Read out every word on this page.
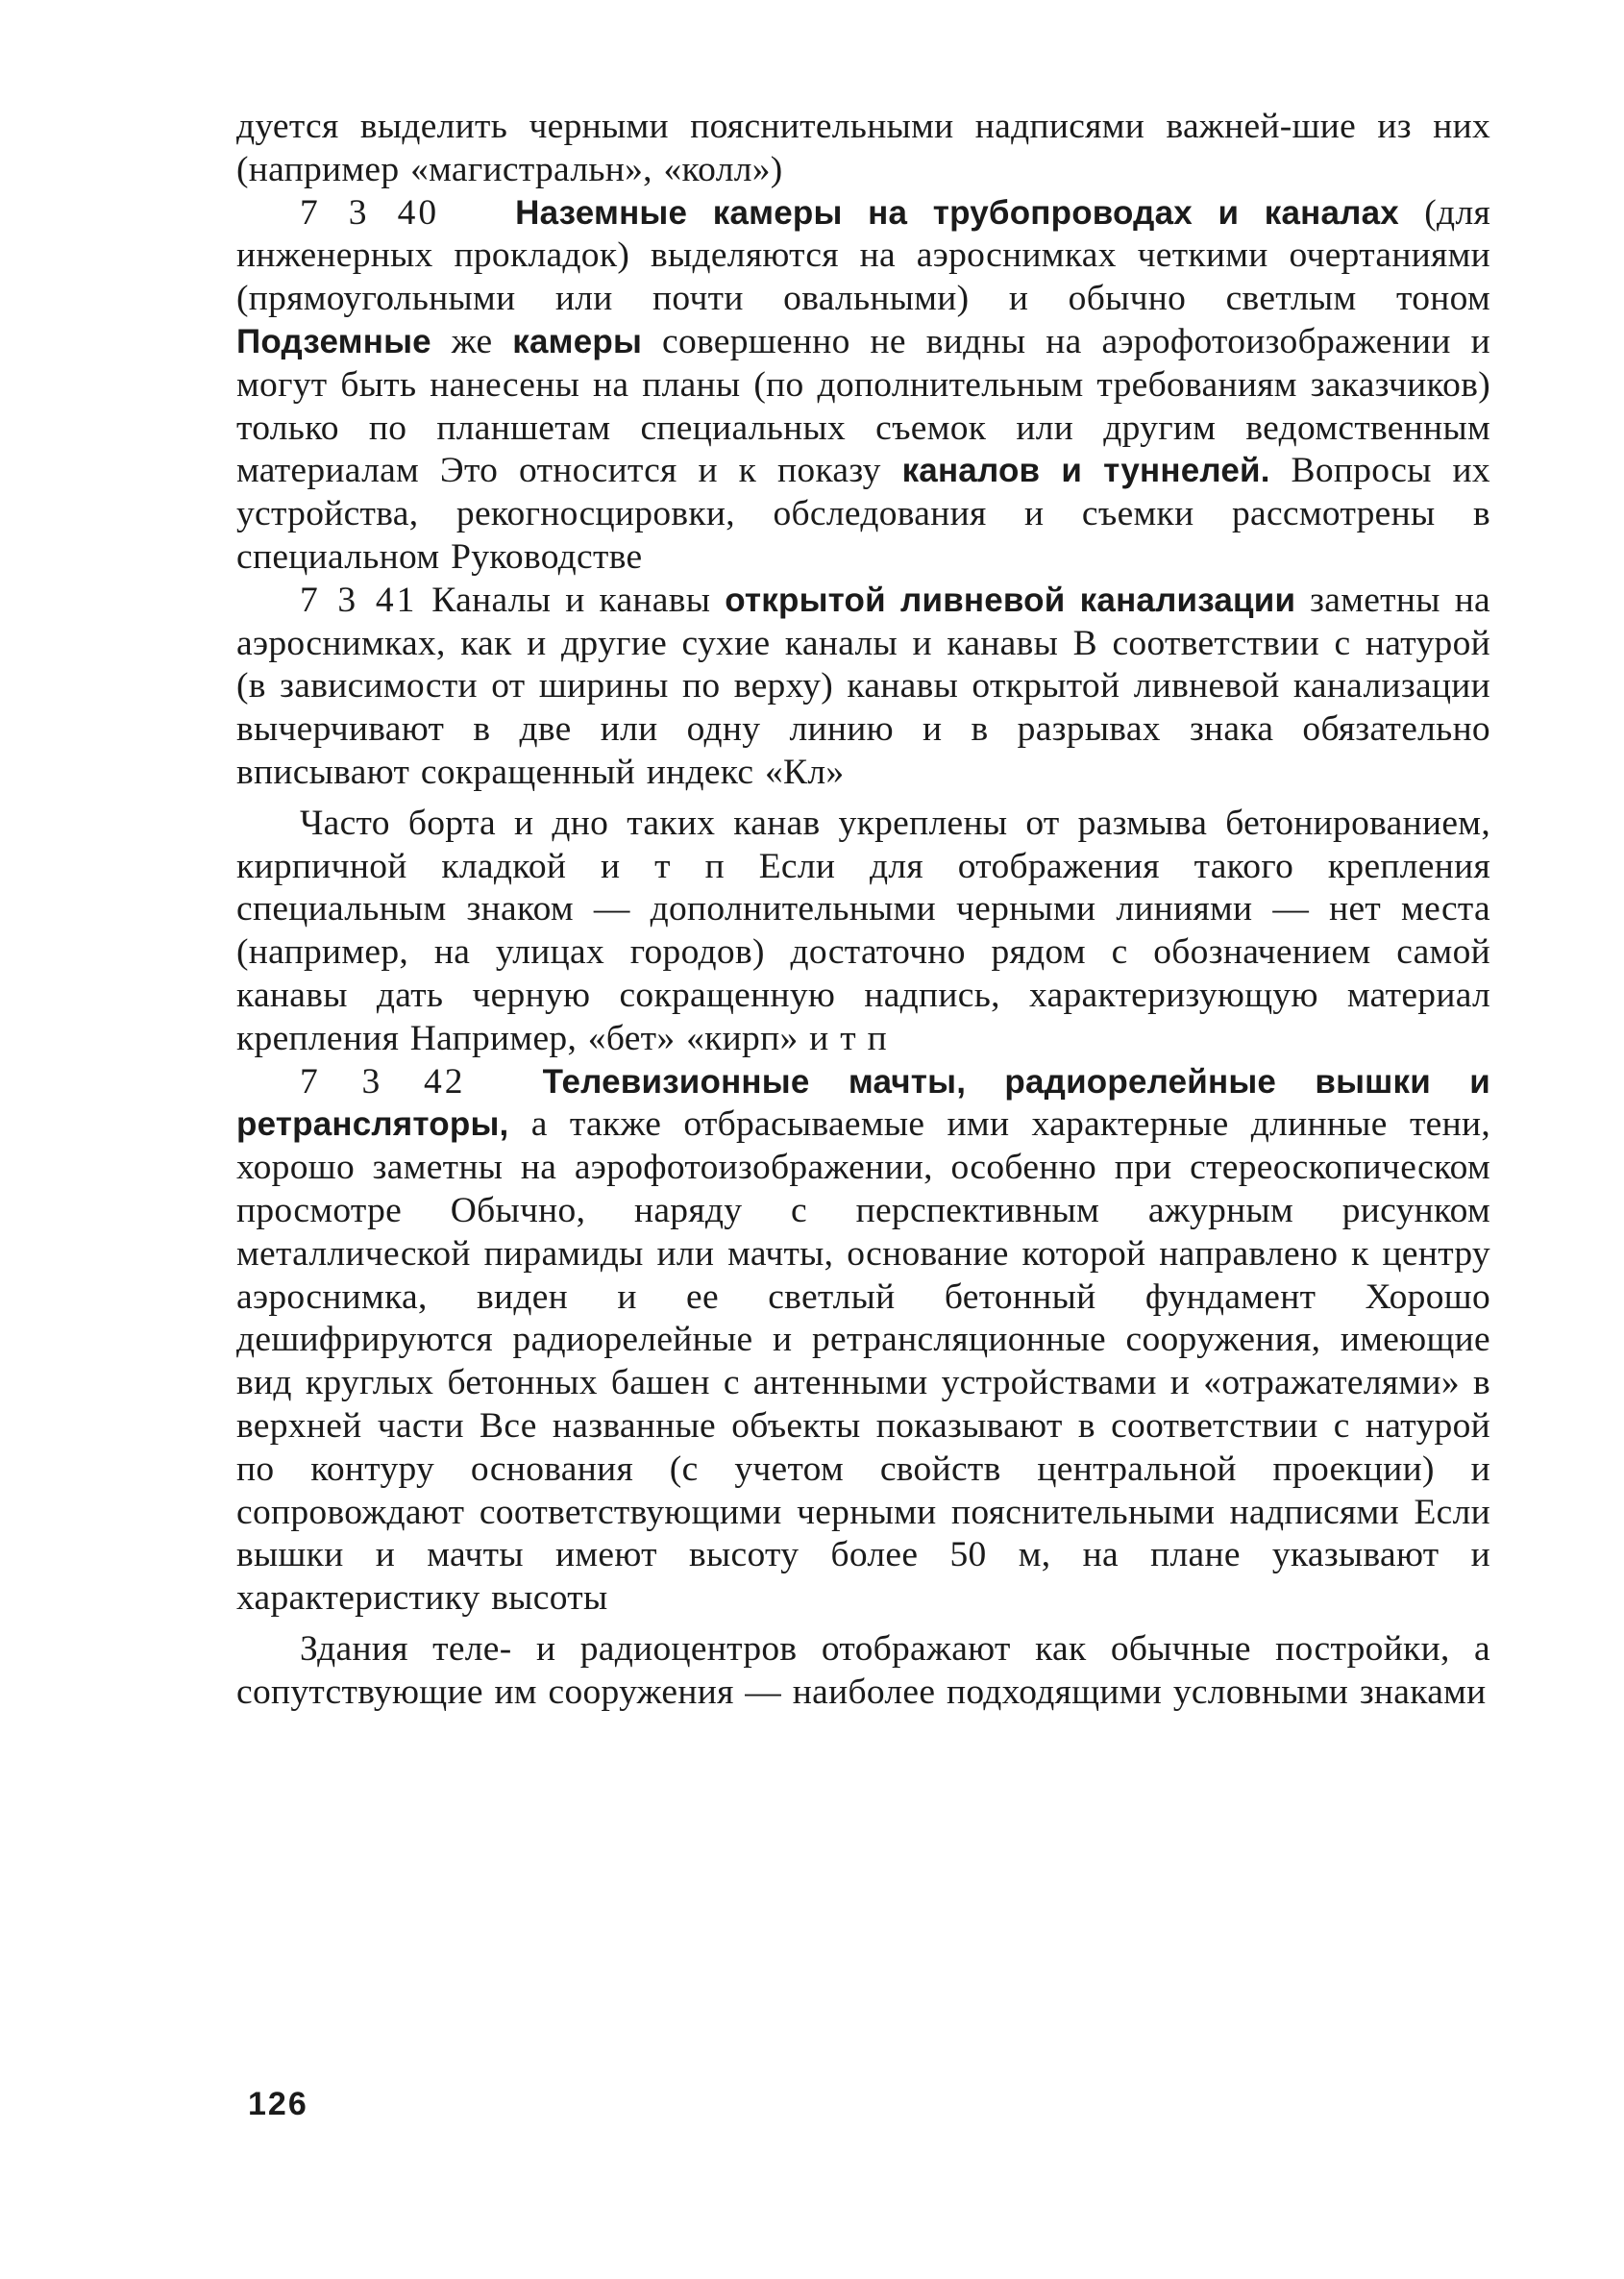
дуется выделить черными пояснительными надписями важней-шие из них (например «магистральн», «колл»)

7 3 40 Наземные камеры на трубопроводах и каналах (для инженерных прокладок) выделяются на аэроснимках четкими очертаниями (прямоугольными или почти овальными) и обычно светлым тоном Подземные же камеры совершенно не видны на аэрофотоизображении и могут быть нанесены на планы (по дополнительным требованиям заказчиков) только по планшетам специальных съемок или другим ведомственным материалам Это относится и к показу каналов и туннелей. Вопросы их устройства, рекогносцировки, обследования и съемки рассмотрены в специальном Руководстве

7 3 41 Каналы и канавы открытой ливневой канализации заметны на аэроснимках, как и другие сухие каналы и канавы В соответствии с натурой (в зависимости от ширины по верху) канавы открытой ливневой канализации вычерчивают в две или одну линию и в разрывах знака обязательно вписывают сокращенный индекс «Кл»

Часто борта и дно таких канав укреплены от размыва бетонированием, кирпичной кладкой и т п Если для отображения такого крепления специальным знаком — дополнительными черными линиями — нет места (например, на улицах городов) достаточно рядом с обозначением самой канавы дать черную сокращенную надпись, характеризующую материал крепления Например, «бет» «кирп» и т п

7 3 42 Телевизионные мачты, радиорелейные вышки и ретрансляторы, а также отбрасываемые ими характерные длинные тени, хорошо заметны на аэрофотоизображении, особенно при стереоскопическом просмотре Обычно, наряду с перспективным ажурным рисунком металлической пирамиды или мачты, основание которой направлено к центру аэроснимка, виден и ее светлый бетонный фундамент Хорошо дешифрируются радиорелейные и ретрансляционные сооружения, имеющие вид круглых бетонных башен с антенными устройствами и «отражателями» в верхней части Все названные объекты показывают в соответствии с натурой по контуру основания (с учетом свойств центральной проекции) и сопровождают соответствующими черными пояснительными надписями Если вышки и мачты имеют высоту более 50 м, на плане указывают и характеристику высоты

Здания теле- и радиоцентров отображают как обычные постройки, а сопутствующие им сооружения — наиболее подходящими условными знаками

126
